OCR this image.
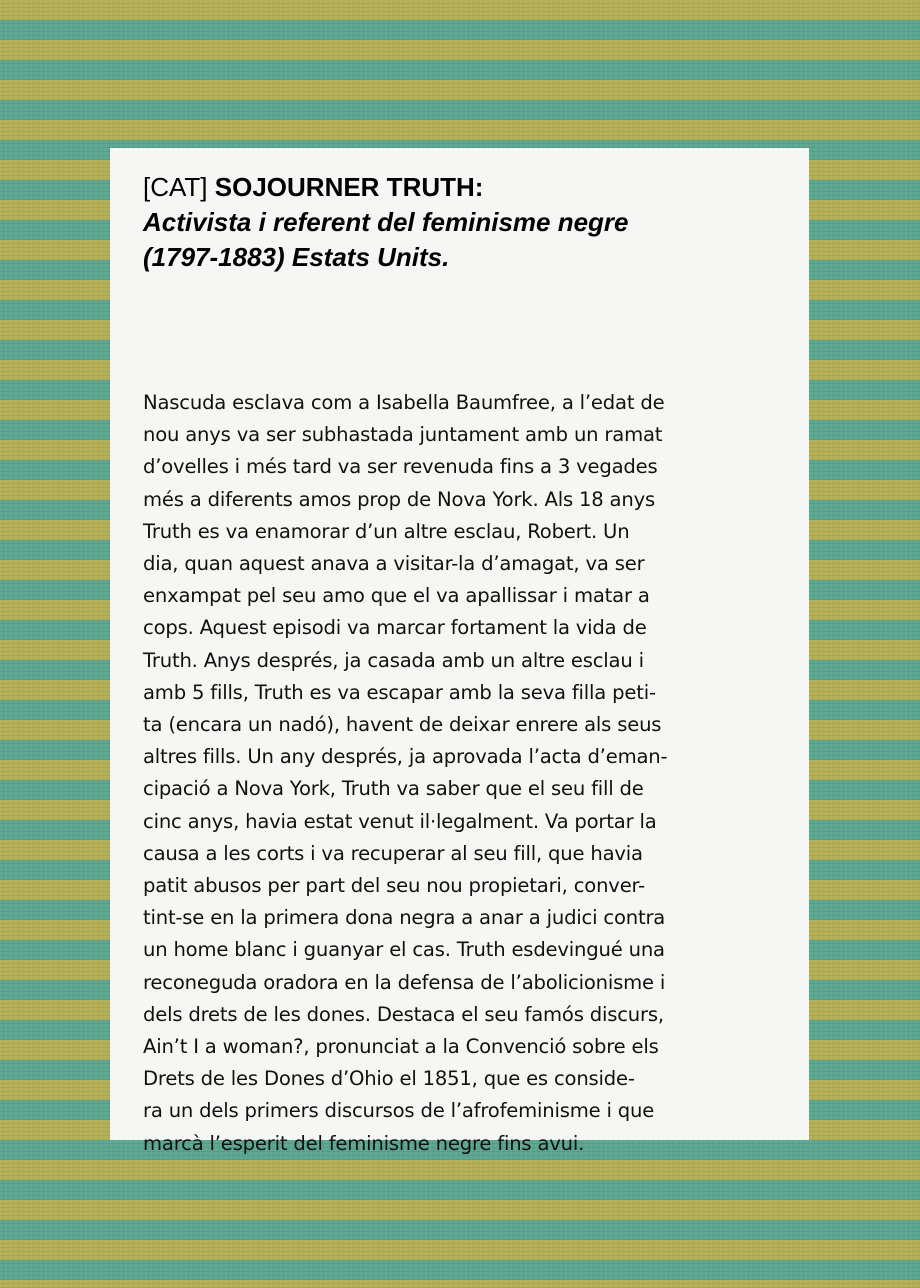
[CAT] SOJOURNER TRUTH:
Activista i referent del feminisme negre
(1797-1883) Estats Units.
Nascuda esclava com a Isabella Baumfree, a l’edat de
nou anys va ser subhastada juntament amb un ramat
d’ovelles i més tard va ser revenuda fins a 3 vegades
més a diferents amos prop de Nova York. Als 18 anys
Truth es va enamorar d’un altre esclau, Robert. Un
dia, quan aquest anava a visitar-la d’amagat, va ser
enxampat pel seu amo que el va apallissar i matar a
cops. Aquest episodi va marcar fortament la vida de
Truth. Anys després, ja casada amb un altre esclau i
amb 5 fills, Truth es va escapar amb la seva filla peti-
ta (encara un nadó), havent de deixar enrere als seus
altres fills. Un any després, ja aprovada l’acta d’eman-
cipació a Nova York, Truth va saber que el seu fill de
cinc anys, havia estat venut il·legalment. Va portar la
causa a les corts i va recuperar al seu fill, que havia
patit abusos per part del seu nou propietari, conver-
tint-se en la primera dona negra a anar a judici contra
un home blanc i guanyar el cas. Truth esdevingué una
reconeguda oradora en la defensa de l’abolicionisme i
dels drets de les dones. Destaca el seu famós discurs,
Ain’t I a woman?, pronunciat a la Convenció sobre els
Drets de les Dones d’Ohio el 1851, que es conside-
ra un dels primers discursos de l’afrofeminisme i que
marcà l’esperit del feminisme negre fins avui.
